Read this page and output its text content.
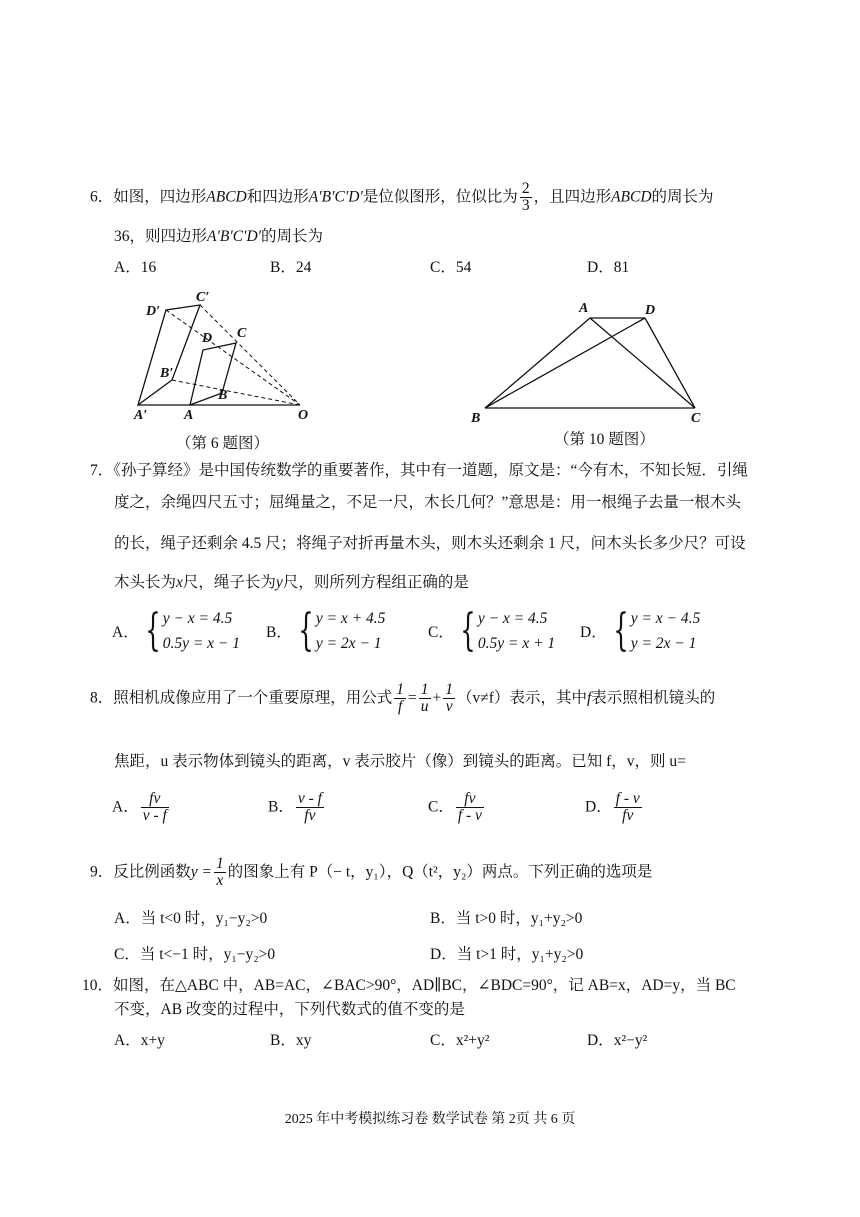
6．如图，四边形ABCD和四边形A′B′C′D′是位似图形，位似比为 $\frac{2}{3}$ ，且四边形ABCD的周长为
36，则四边形A′B′C′D′的周长为
A．16	B．24	C．54	D．81
D′
C′
D C
B′
B
A′	A	O
（第 6 题图）
A	D
B	C
（第 10 题图）
7．《孙子算经》是中国传统数学的重要著作，其中有一道题，原文是：“今有木，不知长短．引绳
度之，余绳四尺五寸；屈绳量之，不足一尺，木长几何？”意思是：用一根绳子去量一根木头
的长，绳子还剩余 4.5 尺；将绳子对折再量木头，则木头还剩余 1 尺，问木头长多少尺？可设
木头长为x尺，绳子长为y尺，则所列方程组正确的是
A． { y − x = 4.5
0.5y = x − 1
B． { y = x + 4.5
y = 2x − 1
C． { y − x = 4.5
0.5y = x + 1
D． { y = x − 4.5
y = 2x − 1
8．照相机成像应用了一个重要原理，用公式 $\frac{1}{f} = \frac{1}{u} + \frac{1}{v} (v\ne f)$表示，其中f表示照相机镜头的
焦距，u 表示物体到镜头的距离，v 表示胶片（像）到镜头的距离。已知 f，v，则 u=
A． $\frac{fv}{v - f}$	B． $\frac{v - f}{fv}$	C． $\frac{fv}{f - v}$	D． $\frac{f - v}{fv}$
9．反比例函数$y = \frac{1}{x}$ 的图象上有 P（− t，y₁），Q（t²，y₂）两点。下列正确的选项是
A．当 t<0 时，y₁−y₂>0	B．当 t>0 时，y₁+y₂>0
C．当 t<−1 时，y₁−y₂>0	D．当 t>1 时，y₁+y₂>0
10．如图，在△ABC 中，AB=AC，∠BAC>90°，AD∥BC，∠BDC=90°，记 AB=x，AD=y，当 BC
不变，AB 改变的过程中，下列代数式的值不变的是
A．x+y	B．xy	C．x²+y²	D．x²−y²
2025 年中考模拟练习卷 数学试卷 第 2页 共 6 页
